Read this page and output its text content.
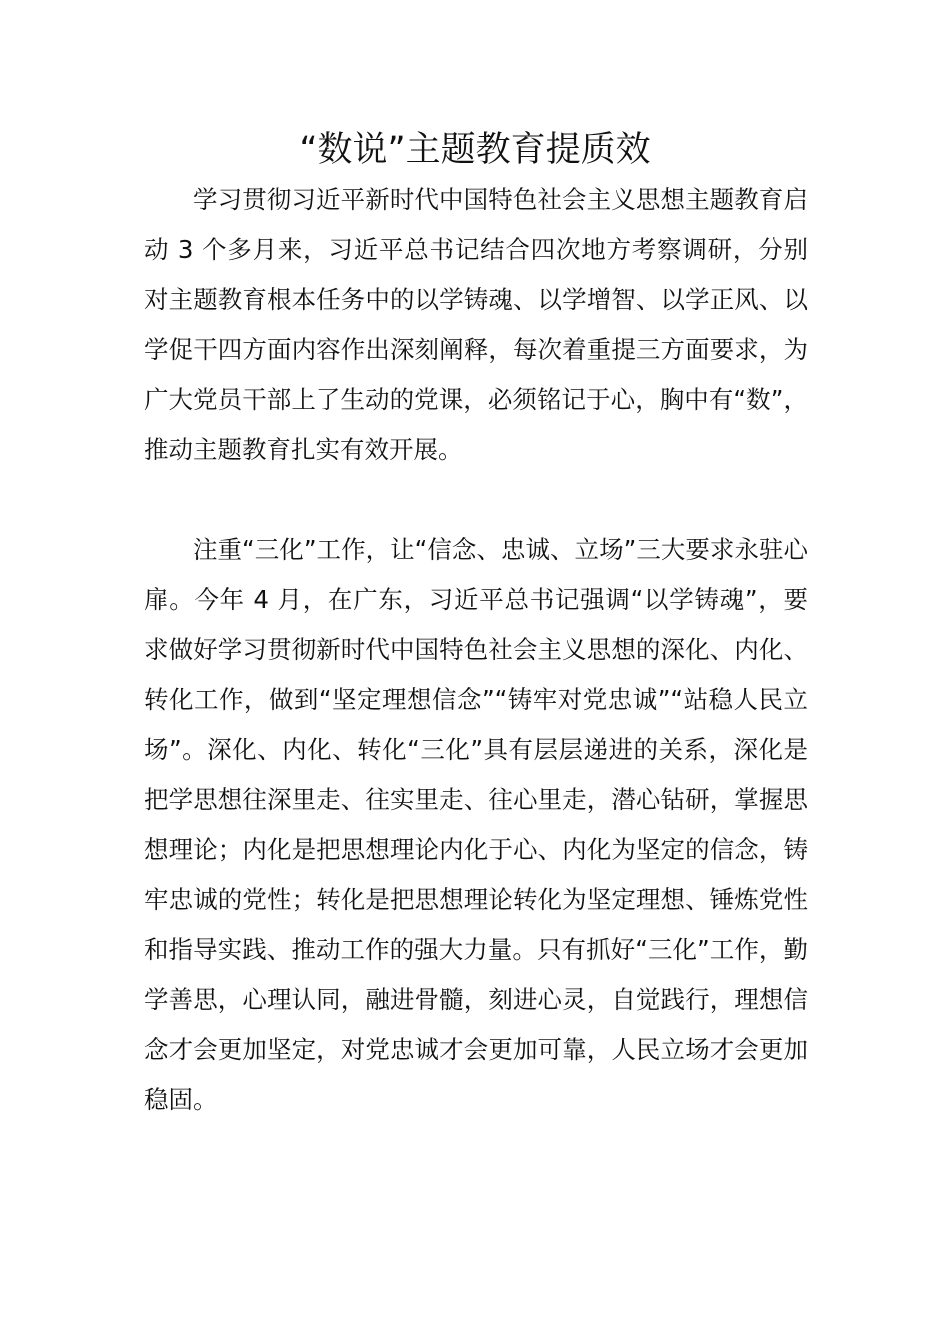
“数说”主题教育提质效

学习贯彻习近平新时代中国特色社会主义思想主题教育启动 3 个多月来，习近平总书记结合四次地方考察调研，分别对主题教育根本任务中的以学铸魂、以学增智、以学正风、以学促干四方面内容作出深刻阐释，每次着重提三方面要求，为广大党员干部上了生动的党课，必须铭记于心，胸中有“数”，推动主题教育扎实有效开展。

注重“三化”工作，让“信念、忠诚、立场”三大要求永驻心扉。今年 4 月，在广东，习近平总书记强调“以学铸魂”，要求做好学习贯彻新时代中国特色社会主义思想的深化、内化、转化工作，做到“坚定理想信念”“铸牢对党忠诚”“站稳人民立场”。深化、内化、转化“三化”具有层层递进的关系，深化是把学思想往深里走、往实里走、往心里走，潜心钻研，掌握思想理论；内化是把思想理论内化于心、内化为坚定的信念，铸牢忠诚的党性；转化是把思想理论转化为坚定理想、锤炼党性和指导实践、推动工作的强大力量。只有抓好“三化”工作，勤学善思，心理认同，融进骨髓，刻进心灵，自觉践行，理想信念才会更加坚定，对党忠诚才会更加可靠，人民立场才会更加稳固。
